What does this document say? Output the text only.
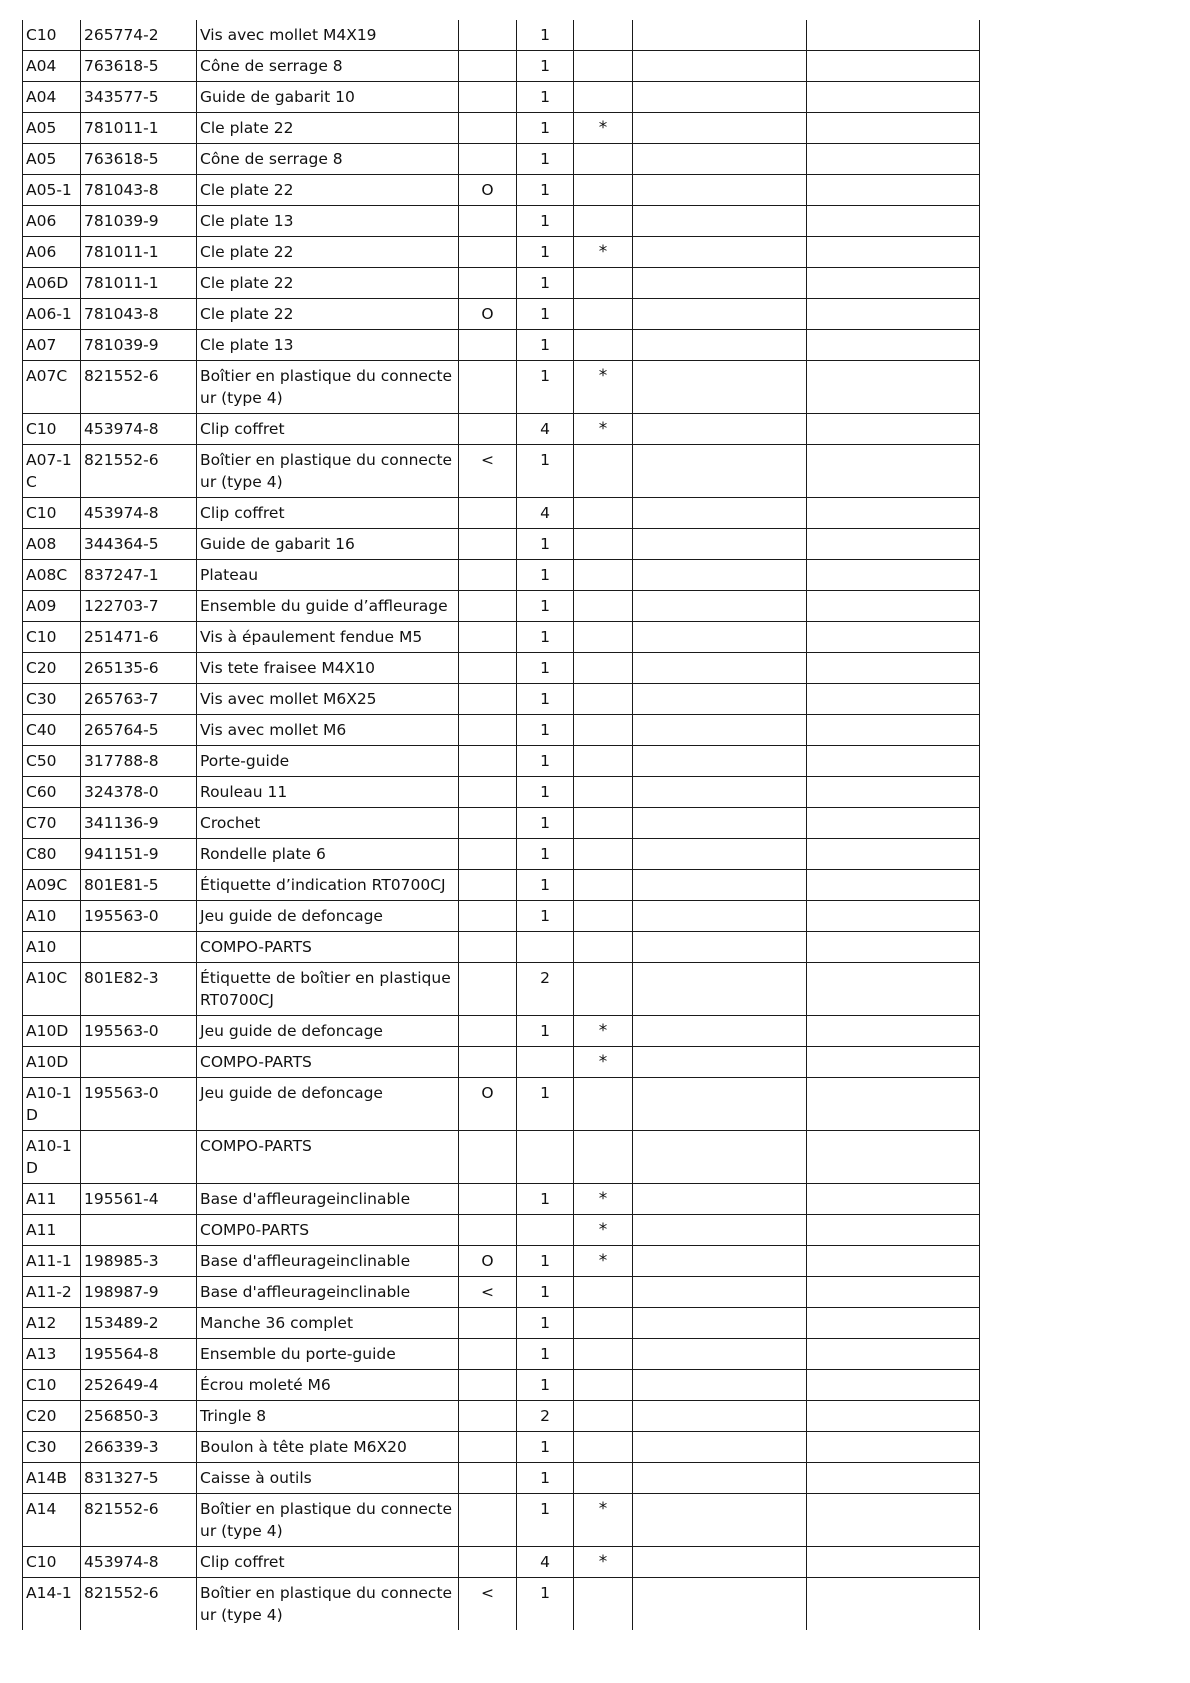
C10	265774-2	Vis avec mollet M4X19		1			
A04	763618-5	Cône de serrage 8		1			
A04	343577-5	Guide de gabarit 10		1			
A05	781011-1	Cle plate 22		1	*		
A05	763618-5	Cône de serrage 8		1			
A05-1	781043-8	Cle plate 22	O	1			
A06	781039-9	Cle plate 13		1			
A06	781011-1	Cle plate 22		1	*		
A06D	781011-1	Cle plate 22		1			
A06-1	781043-8	Cle plate 22	O	1			
A07	781039-9	Cle plate 13		1			
A07C	821552-6	Boîtier en plastique du connecteur (type 4)		1	*		
C10	453974-8	Clip coffret		4	*		
A07-1C	821552-6	Boîtier en plastique du connecteur (type 4)	<	1			
C10	453974-8	Clip coffret		4			
A08	344364-5	Guide de gabarit 16		1			
A08C	837247-1	Plateau		1			
A09	122703-7	Ensemble du guide d’affleurage		1			
C10	251471-6	Vis à épaulement fendue M5		1			
C20	265135-6	Vis tete fraisee M4X10		1			
C30	265763-7	Vis avec mollet M6X25		1			
C40	265764-5	Vis avec mollet M6		1			
C50	317788-8	Porte-guide		1			
C60	324378-0	Rouleau 11		1			
C70	341136-9	Crochet		1			
C80	941151-9	Rondelle plate 6		1			
A09C	801E81-5	Étiquette d’indication RT0700CJ		1			
A10	195563-0	Jeu guide de defoncage		1			
A10		COMPO-PARTS					
A10C	801E82-3	Étiquette de boîtier en plastique RT0700CJ		2			
A10D	195563-0	Jeu guide de defoncage		1	*		
A10D		COMPO-PARTS			*		
A10-1D	195563-0	Jeu guide de defoncage	O	1			
A10-1D		COMPO-PARTS					
A11	195561-4	Base d'affleurageinclinable		1	*		
A11		COMP0-PARTS			*		
A11-1	198985-3	Base d'affleurageinclinable	O	1	*		
A11-2	198987-9	Base d'affleurageinclinable	<	1			
A12	153489-2	Manche 36 complet		1			
A13	195564-8	Ensemble du porte-guide		1			
C10	252649-4	Écrou moleté M6		1			
C20	256850-3	Tringle 8		2			
C30	266339-3	Boulon à tête plate M6X20		1			
A14B	831327-5	Caisse à outils		1			
A14	821552-6	Boîtier en plastique du connecteur (type 4)		1	*		
C10	453974-8	Clip coffret		4	*		
A14-1	821552-6	Boîtier en plastique du connecteur (type 4)	<	1			
